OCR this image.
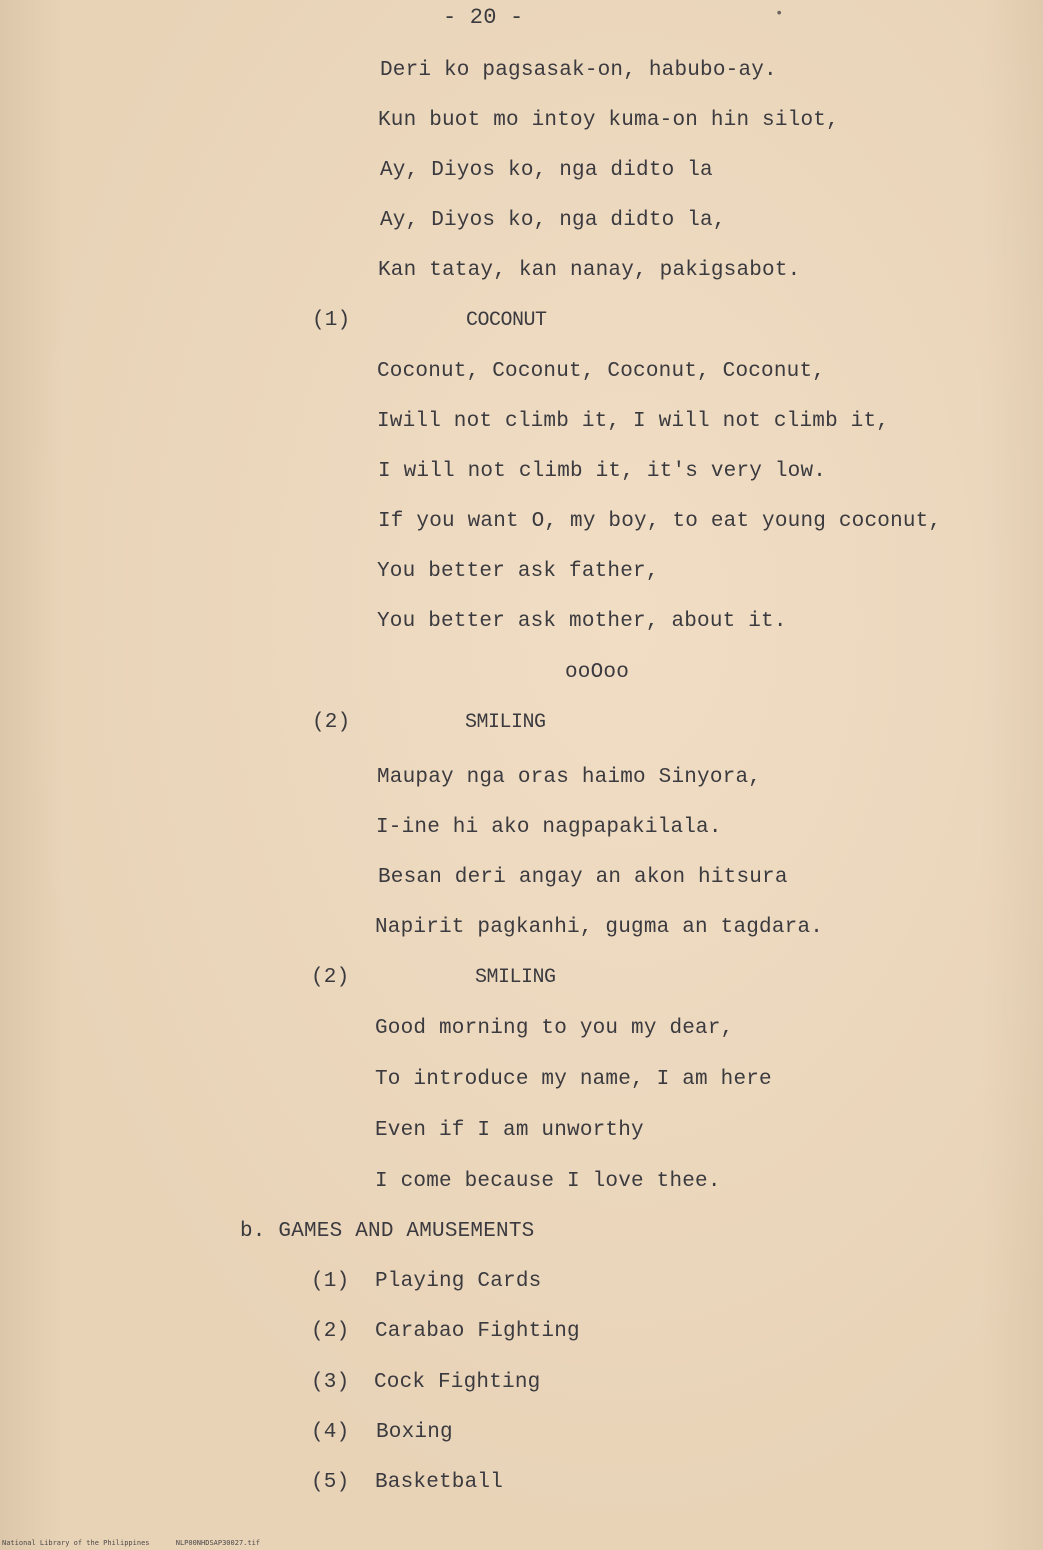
- 20 -	•
Deri ko pagsasak-on, habubo-ay.
Kun buot mo intoy kuma-on hin silot,
Ay, Diyos ko, nga didto la
Ay, Diyos ko, nga didto la,
Kan tatay, kan nanay, pakigsabot.
(1)	COCONUT
Coconut, Coconut, Coconut, Coconut,
Iwill not climb it, I will not climb it,
I will not climb it, it's very low.
If you want O, my boy, to eat young coconut,
You better ask father,
You better ask mother, about it.
ooOoo
(2)	SMILING
Maupay nga oras haimo Sinyora,
I-ine hi ako nagpapakilala.
Besan deri angay an akon hitsura
Napirit pagkanhi, gugma an tagdara.
(2)	SMILING
Good morning to you my dear,
To introduce my name, I am here
Even if I am unworthy
I come because I love thee.
b. GAMES AND AMUSEMENTS
(1) Playing Cards
(2) Carabao Fighting
(3) Cock Fighting
(4) Boxing
(5) Basketball
National Library of the Philippines	NLP00NHDSAP30027.tif
